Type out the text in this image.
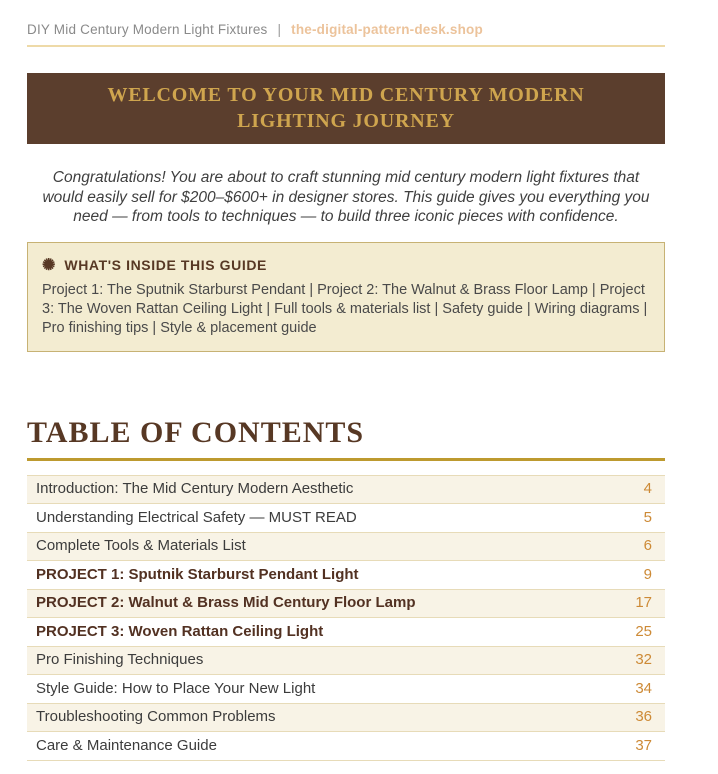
DIY Mid Century Modern Light Fixtures | the-digital-pattern-desk.shop
WELCOME TO YOUR MID CENTURY MODERN LIGHTING JOURNEY

Congratulations! You are about to craft stunning mid century modern light fixtures that would easily sell for $200–$600+ in designer stores. This guide gives you everything you need — from tools to techniques — to build three iconic pieces with confidence.

✺ WHAT'S INSIDE THIS GUIDE
Project 1: The Sputnik Starburst Pendant | Project 2: The Walnut & Brass Floor Lamp | Project 3: The Woven Rattan Ceiling Light | Full tools & materials list | Safety guide | Wiring diagrams | Pro finishing tips | Style & placement guide
TABLE OF CONTENTS
Introduction: The Mid Century Modern Aesthetic	4
Understanding Electrical Safety — MUST READ	5
Complete Tools & Materials List	6
PROJECT 1: Sputnik Starburst Pendant Light	9
PROJECT 2: Walnut & Brass Mid Century Floor Lamp	17
PROJECT 3: Woven Rattan Ceiling Light	25
Pro Finishing Techniques	32
Style Guide: How to Place Your New Light	34
Troubleshooting Common Problems	36
Care & Maintenance Guide	37
